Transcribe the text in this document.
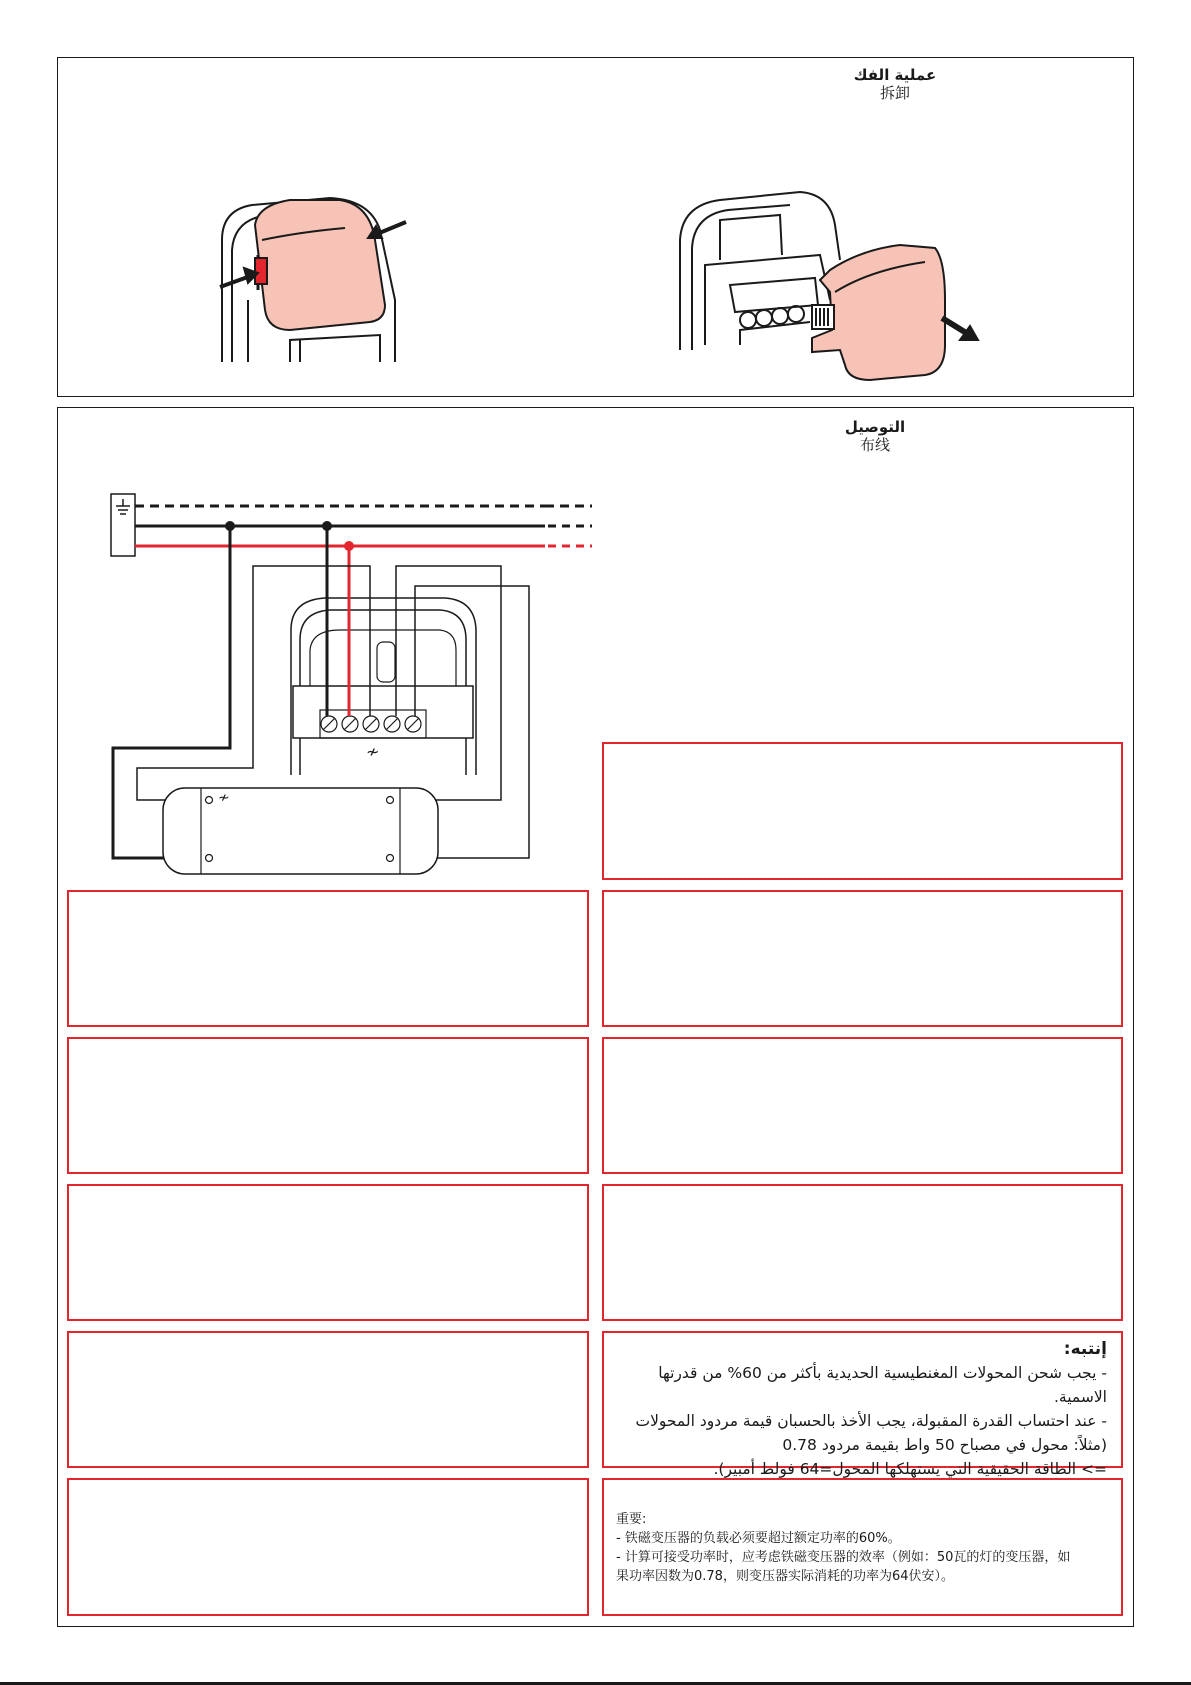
عملية الفك
拆卸
التوصيل
布线
≁
≁
إنتبه:
- يجب شحن المحولات المغنطيسية الحديدية بأكثر من 60% من قدرتها الاسمية.
- عند احتساب القدرة المقبولة، يجب الأخذ بالحسبان قيمة مردود المحولات
(مثلاً: محول في مصباح 50 واط بقيمة مردود 0.78
=> الطاقة الحقيقية التي يستهلكها المحول=64 فولط أمبير).
重要:
- 铁磁变压器的负载必须要超过额定功率的60%。
- 计算可接受功率时，应考虑铁磁变压器的效率（例如：50瓦的灯的变压器，如果功率因数为0.78，则变压器实际消耗的功率为64伏安）。
